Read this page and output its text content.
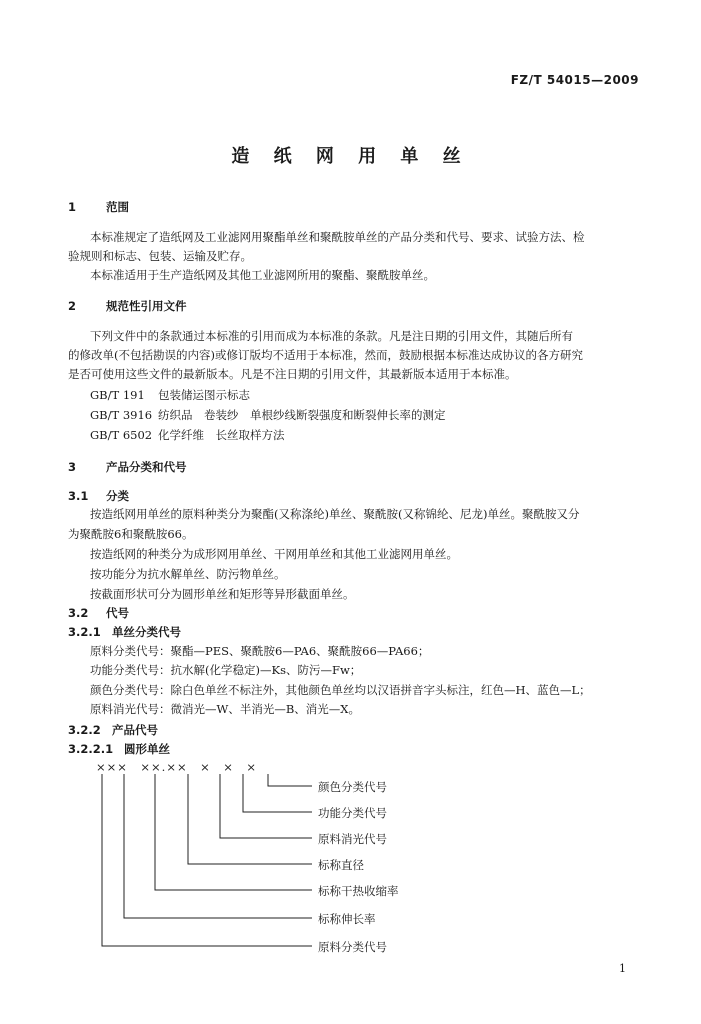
FZ/T 54015—2009
造 纸 网 用 单 丝
1	范围
本标准规定了造纸网及工业滤网用聚酯单丝和聚酰胺单丝的产品分类和代号、要求、试验方法、检
验规则和标志、包装、运输及贮存。
本标准适用于生产造纸网及其他工业滤网所用的聚酯、聚酰胺单丝。
2	规范性引用文件
下列文件中的条款通过本标准的引用而成为本标准的条款。凡是注日期的引用文件，其随后所有
的修改单(不包括勘误的内容)或修订版均不适用于本标准，然而，鼓励根据本标准达成协议的各方研究
是否可使用这些文件的最新版本。凡是不注日期的引用文件，其最新版本适用于本标准。
GB/T 191 包装储运图示标志
GB/T 3916 纺织品　卷装纱　单根纱线断裂强度和断裂伸长率的测定
GB/T 6502 化学纤维　长丝取样方法
3	产品分类和代号
3.1 分类
按造纸网用单丝的原料种类分为聚酯(又称涤纶)单丝、聚酰胺(又称锦纶、尼龙)单丝。聚酰胺又分
为聚酰胺6和聚酰胺66。
按造纸网的种类分为成形网用单丝、干网用单丝和其他工业滤网用单丝。
按功能分为抗水解单丝、防污物单丝。
按截面形状可分为圆形单丝和矩形等异形截面单丝。
3.2 代号
3.2.1 单丝分类代号
原料分类代号：聚酯—PES、聚酰胺6—PA6、聚酰胺66—PA66；
功能分类代号：抗水解(化学稳定)—Ks、防污—Fw；
颜色分类代号：除白色单丝不标注外，其他颜色单丝均以汉语拼音字头标注，红色—H、蓝色—L；
原料消光代号：微消光—W、半消光—B、消光—X。
3.2.2 产品代号
3.2.2.1 圆形单丝
×××　××.××　×　×　×
颜色分类代号
功能分类代号
原料消光代号
标称直径
标称干热收缩率
标称伸长率
原料分类代号
1
